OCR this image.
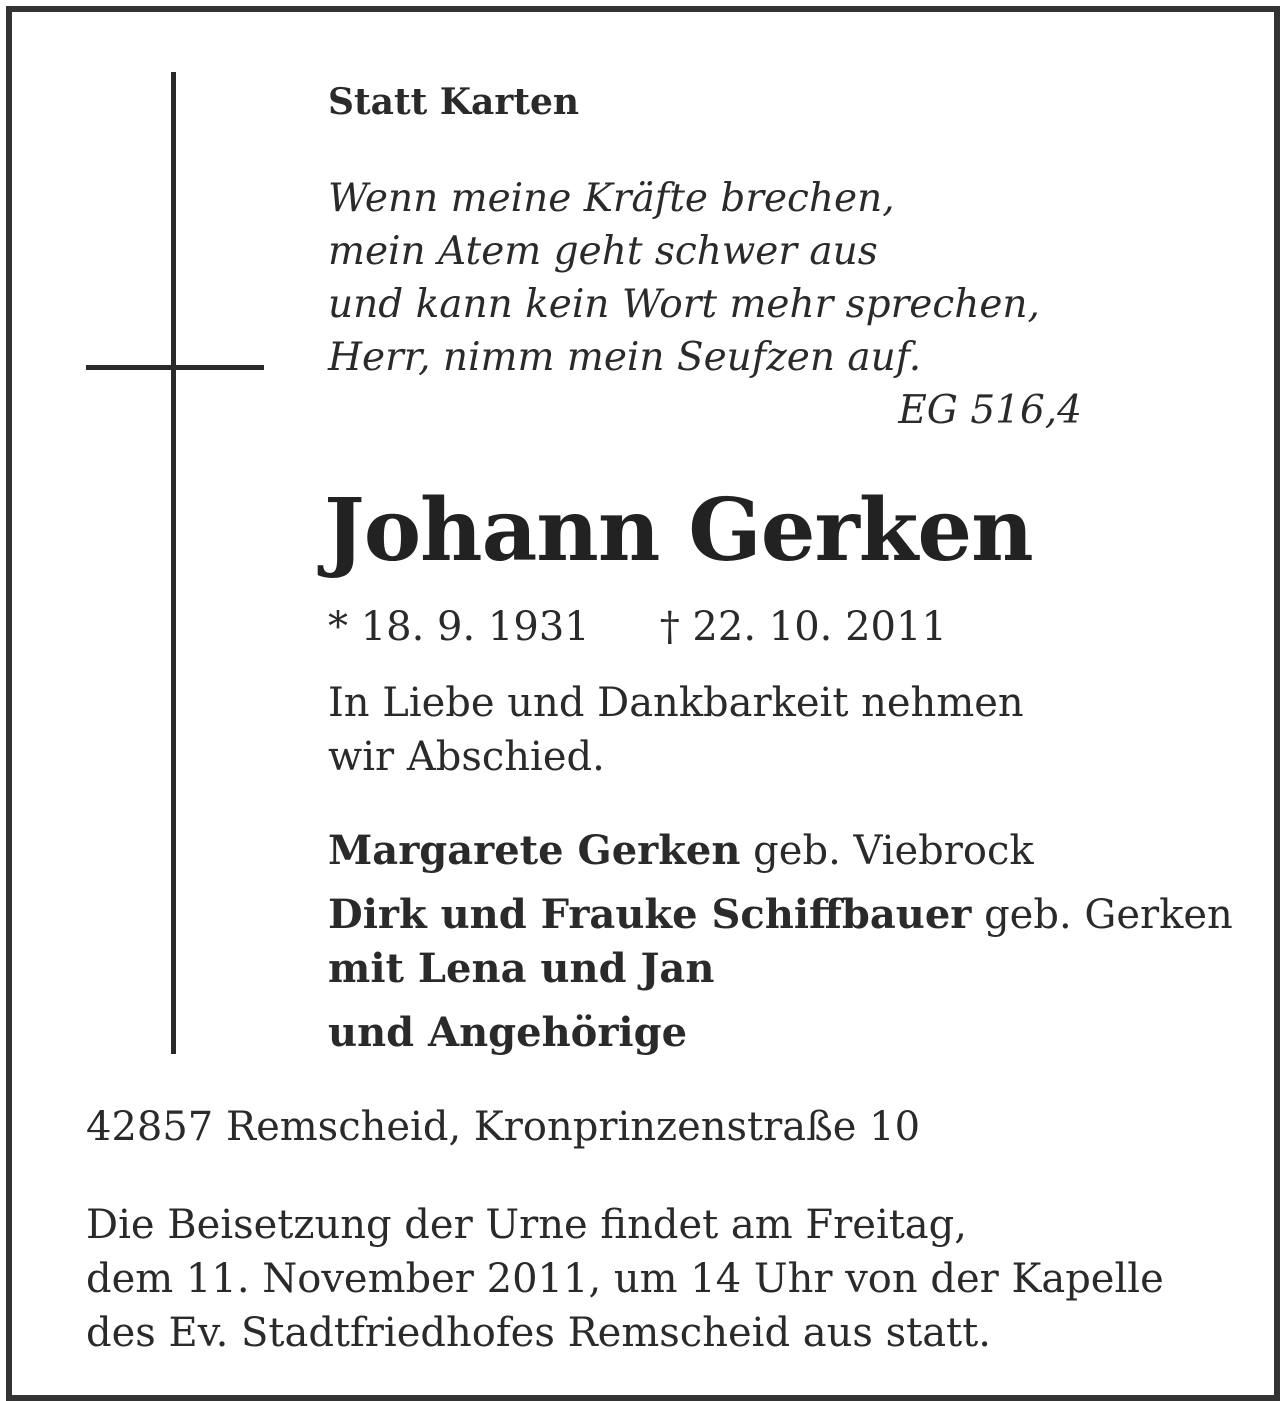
Statt Karten
Wenn meine Kräfte brechen,
mein Atem geht schwer aus
und kann kein Wort mehr sprechen,
Herr, nimm mein Seufzen auf.
EG 516,4
Johann Gerken
* 18. 9. 1931 † 22. 10. 2011
In Liebe und Dankbarkeit nehmen
wir Abschied.
Margarete Gerken geb. Viebrock
Dirk und Frauke Schiffbauer geb. Gerken
mit Lena und Jan
und Angehörige
42857 Remscheid, Kronprinzenstraße 10
Die Beisetzung der Urne findet am Freitag,
dem 11. November 2011, um 14 Uhr von der Kapelle
des Ev. Stadtfriedhofes Remscheid aus statt.
